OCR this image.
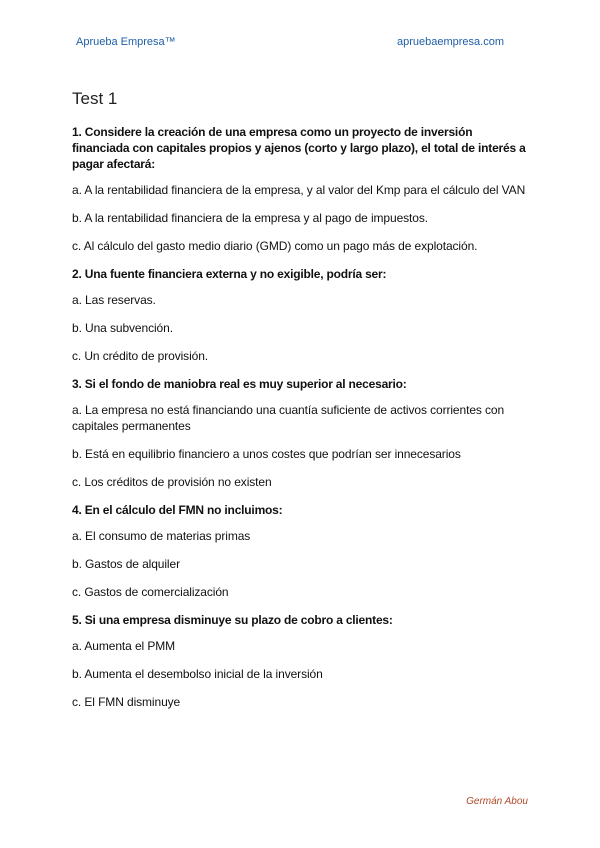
Aprueba Empresa™	apruebaempresa.com
Test 1

1. Considere la creación de una empresa como un proyecto de inversión financiada con capitales propios y ajenos (corto y largo plazo), el total de interés a pagar afectará:

a. A la rentabilidad financiera de la empresa, y al valor del Kmp para el cálculo del VAN

b. A la rentabilidad financiera de la empresa y al pago de impuestos.

c. Al cálculo del gasto medio diario (GMD) como un pago más de explotación.

2. Una fuente financiera externa y no exigible, podría ser:

a. Las reservas.

b. Una subvención.

c. Un crédito de provisión.

3. Si el fondo de maniobra real es muy superior al necesario:

a. La empresa no está financiando una cuantía suficiente de activos corrientes con capitales permanentes

b. Está en equilibrio financiero a unos costes que podrían ser innecesarios

c. Los créditos de provisión no existen

4. En el cálculo del FMN no incluimos:

a. El consumo de materias primas

b. Gastos de alquiler

c. Gastos de comercialización

5. Si una empresa disminuye su plazo de cobro a clientes:

a. Aumenta el PMM

b. Aumenta el desembolso inicial de la inversión

c. El FMN disminuye

Germán Abou
